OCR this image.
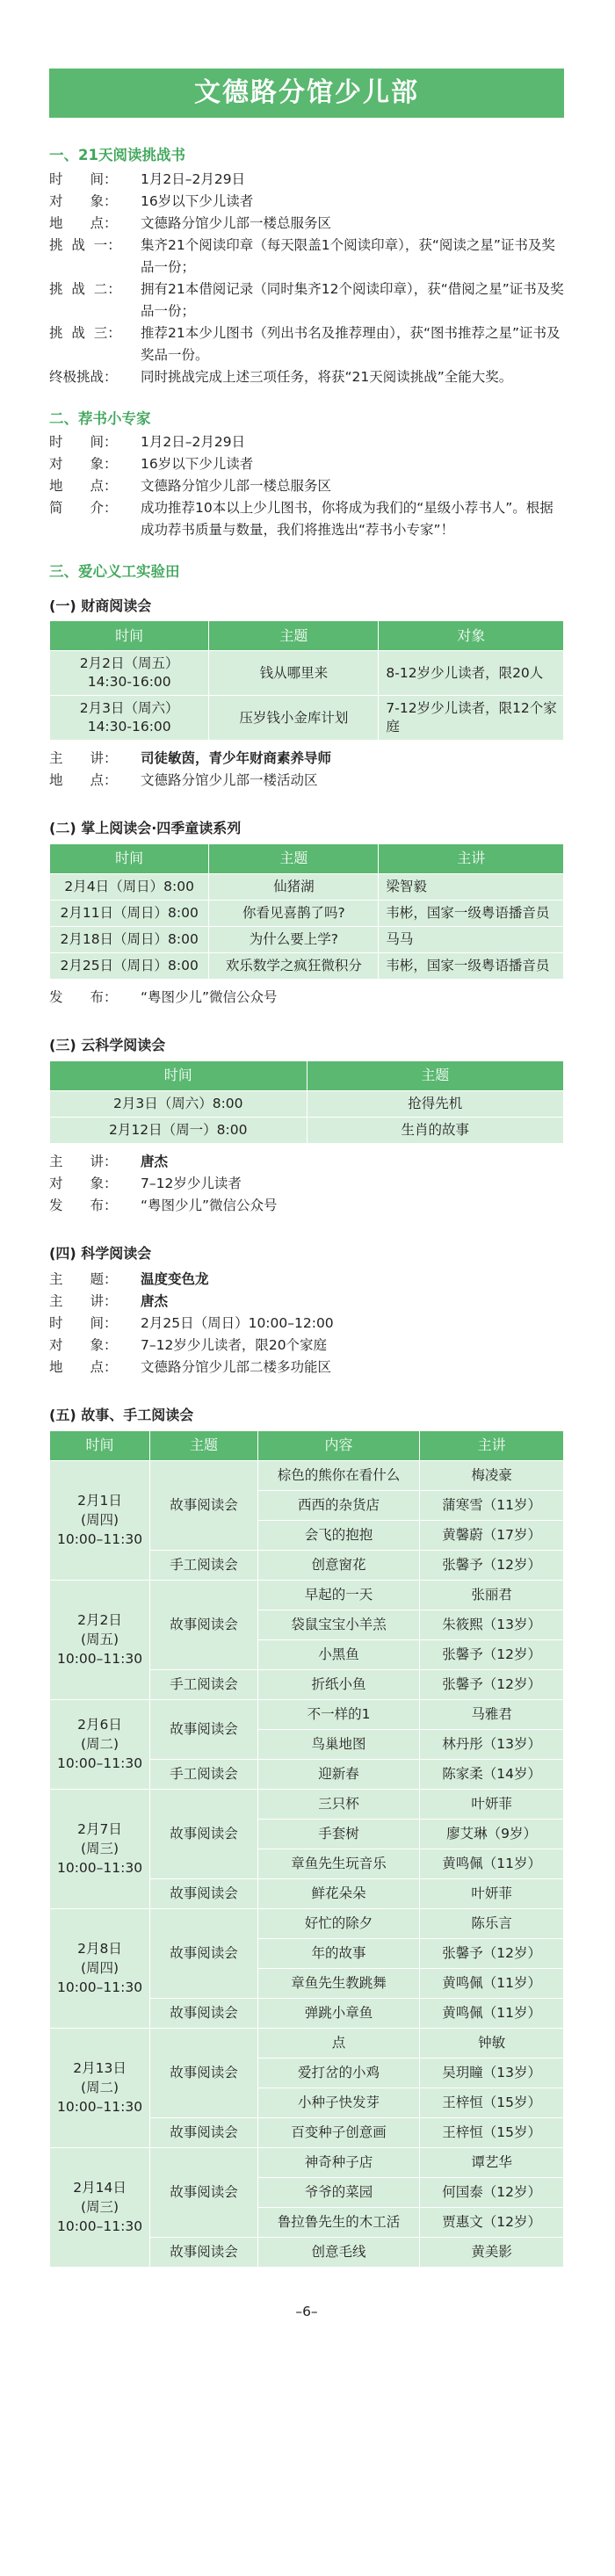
文德路分馆少儿部
一、21天阅读挑战书
时　　间：	1月2日–2月29日
对　　象：	16岁以下少儿读者
地　　点：	文德路分馆少儿部一楼总服务区
挑  战  一：	集齐21个阅读印章（每天限盖1个阅读印章），获“阅读之星”证书及奖品一份；
挑  战  二：	拥有21本借阅记录（同时集齐12个阅读印章），获“借阅之星”证书及奖品一份；
挑  战  三：	推荐21本少儿图书（列出书名及推荐理由），获“图书推荐之星”证书及奖品一份。
终极挑战：	同时挑战完成上述三项任务，将获“21天阅读挑战”全能大奖。
二、荐书小专家
时　　间：	1月2日–2月29日
对　　象：	16岁以下少儿读者
地　　点：	文德路分馆少儿部一楼总服务区
简　　介：	成功推荐10本以上少儿图书，你将成为我们的“星级小荐书人”。根据成功荐书质量与数量，我们将推选出“荐书小专家”！
三、爱心义工实验田
(一) 财商阅读会
时间	主题	对象
2月2日（周五）
14:30-16:00	钱从哪里来	8-12岁少儿读者，限20人
2月3日（周六）
14:30-16:00	压岁钱小金库计划	7-12岁少儿读者，限12个家庭
主　　讲：	司徒敏茵，青少年财商素养导师
地　　点：	文德路分馆少儿部一楼活动区
(二) 掌上阅读会·四季童读系列
时间	主题	主讲
2月4日（周日）8:00	仙猪湖	梁智毅
2月11日（周日）8:00	你看见喜鹊了吗?	韦彬，国家一级粤语播音员
2月18日（周日）8:00	为什么要上学?	马马
2月25日（周日）8:00	欢乐数学之疯狂微积分	韦彬，国家一级粤语播音员
发　　布：	“粤图少儿”微信公众号
(三) 云科学阅读会
时间	主题
2月3日（周六）8:00	抢得先机
2月12日（周一）8:00	生肖的故事
主　　讲：	唐杰
对　　象：	7–12岁少儿读者
发　　布：	“粤图少儿”微信公众号
(四) 科学阅读会
主　　题：	温度变色龙
主　　讲：	唐杰
时　　间：	2月25日（周日）10:00–12:00
对　　象：	7–12岁少儿读者，限20个家庭
地　　点：	文德路分馆少儿部二楼多功能区
(五) 故事、手工阅读会
时间	主题	内容	主讲
2月1日
(周四)
10:00–11:30	故事阅读会	棕色的熊你在看什么	梅凌豪
		西西的杂货店	蒲寒雪（11岁）
		会飞的抱抱	黄馨蔚（17岁）
	手工阅读会	创意窗花	张馨予（12岁）
2月2日
(周五)
10:00–11:30	故事阅读会	早起的一天	张丽君
		袋鼠宝宝小羊羔	朱筱熙（13岁）
		小黑鱼	张馨予（12岁）
	手工阅读会	折纸小鱼	张馨予（12岁）
2月6日
(周二)
10:00–11:30	故事阅读会	不一样的1	马雅君
		鸟巢地图	林丹彤（13岁）
	手工阅读会	迎新春	陈家柔（14岁）
2月7日
(周三)
10:00–11:30	故事阅读会	三只杯	叶妍菲
		手套树	廖艾琳（9岁）
		章鱼先生玩音乐	黄鸣佩（11岁）
	故事阅读会	鲜花朵朵	叶妍菲
2月8日
(周四)
10:00–11:30	故事阅读会	好忙的除夕	陈乐言
		年的故事	张馨予（12岁）
		章鱼先生教跳舞	黄鸣佩（11岁）
	故事阅读会	弹跳小章鱼	黄鸣佩（11岁）
2月13日
(周二)
10:00–11:30	故事阅读会	点	钟敏
		爱打岔的小鸡	吴玥瞳（13岁）
		小种子快发芽	王梓恒（15岁）
	故事阅读会	百变种子创意画	王梓恒（15岁）
2月14日
(周三)
10:00–11:30	故事阅读会	神奇种子店	谭艺华
		爷爷的菜园	何国泰（12岁）
		鲁拉鲁先生的木工活	贾惠文（12岁）
	故事阅读会	创意毛线	黄美影
–6–
